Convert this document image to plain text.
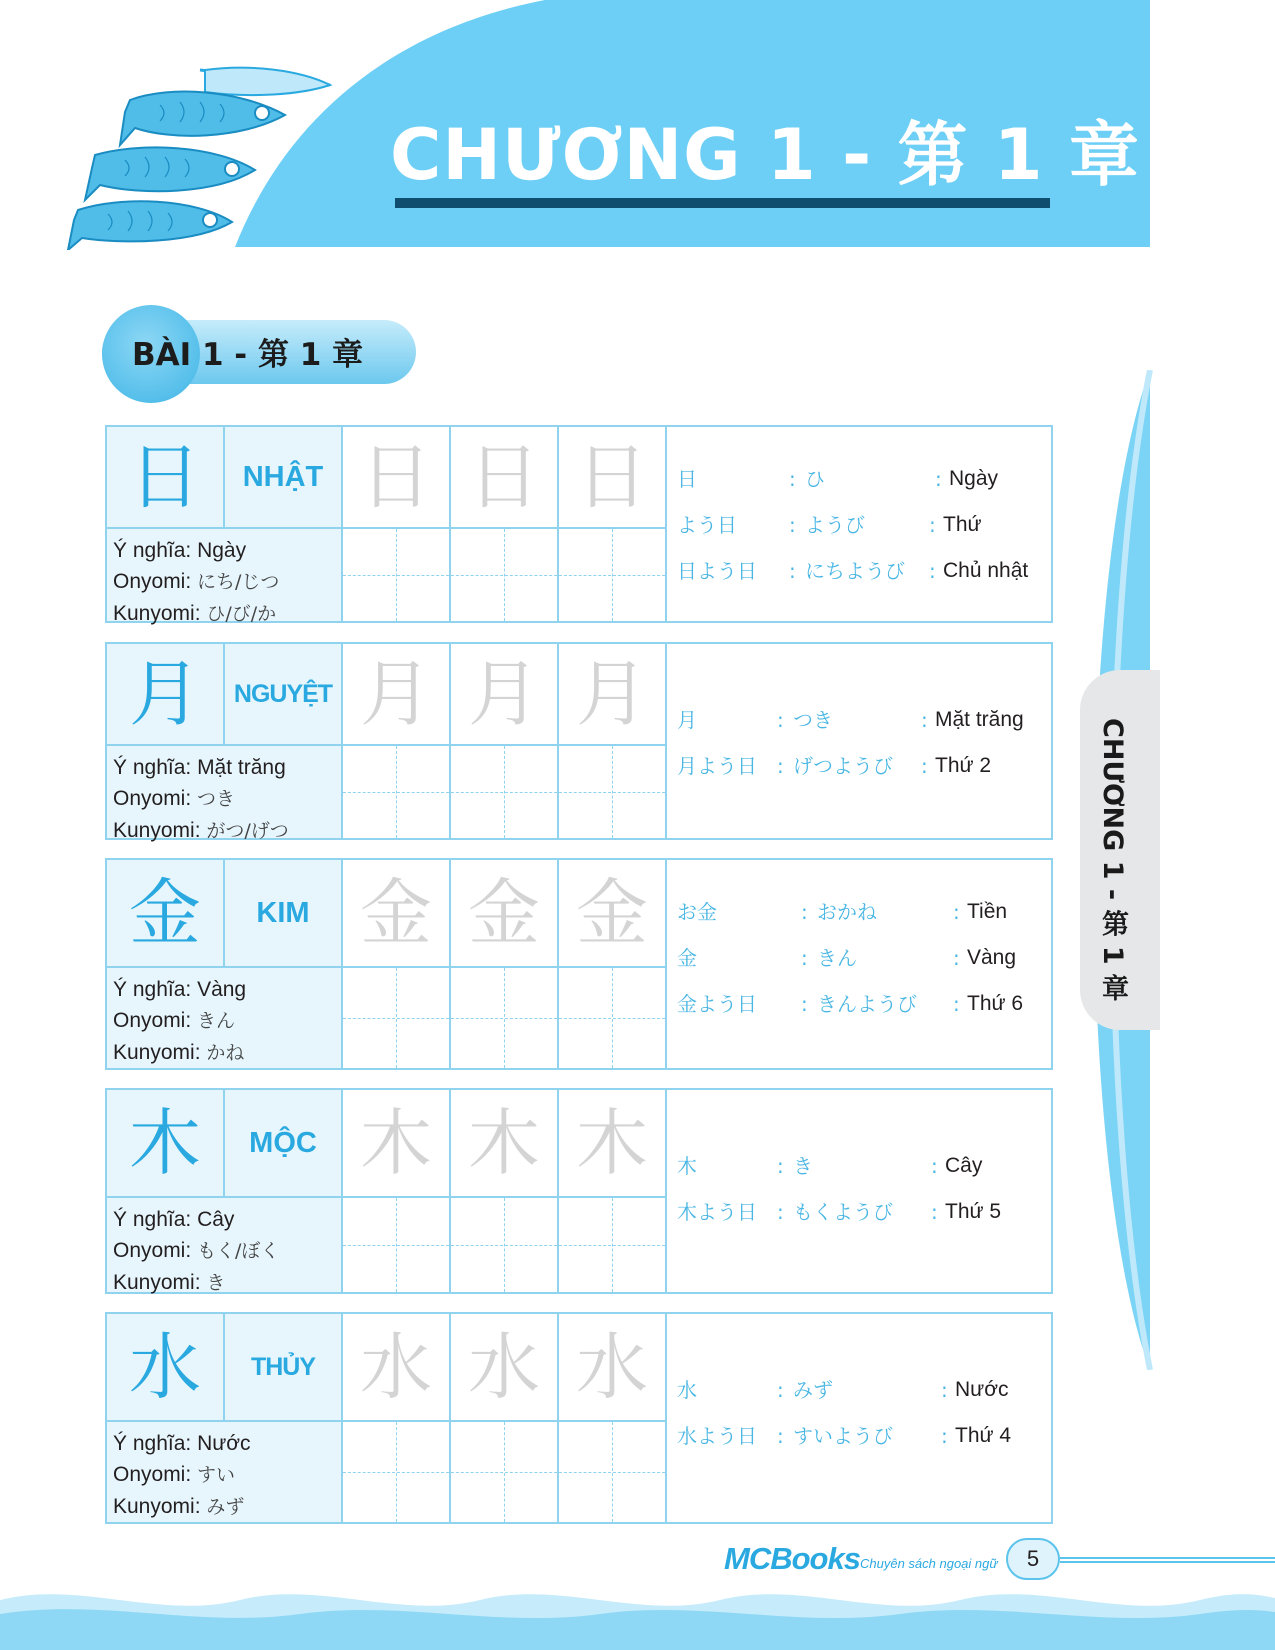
CHƯƠNG 1 - 第 1 章
BÀI 1 - 第 1 章
CHƯƠNG 1 - 第 1 章
日	NHẬT
Ý nghĩa: Ngày
Onyomi: にち/じつ
Kunyomi: ひ/び/か
日 日 日	日	: ひ	: Ngày
よう日	: ようび	: Thứ
日よう日 : にちようび : Chủ nhật
月	NGUYỆT
Ý nghĩa: Mặt trăng
Onyomi: つき
Kunyomi: がつ/げつ
月 月 月	月	: つき	: Mặt trăng
月よう日 : げつようび : Thứ 2
金	KIM
Ý nghĩa: Vàng
Onyomi: きん
Kunyomi: かね
金 金 金	お金	: おかね	: Tiền
金	: きん	: Vàng
金よう日 : きんようび : Thứ 6
木	MỘC
Ý nghĩa: Cây
Onyomi: もく/ぼく
Kunyomi: き
木 木 木	木	: き	: Cây
木よう日 : もくようび : Thứ 5
水	THỦY
Ý nghĩa: Nước
Onyomi: すい
Kunyomi: みず
水 水 水	水	: みず	: Nước
水よう日 : すいようび : Thứ 4
MCBooks Chuyên sách ngoại ngữ	5
